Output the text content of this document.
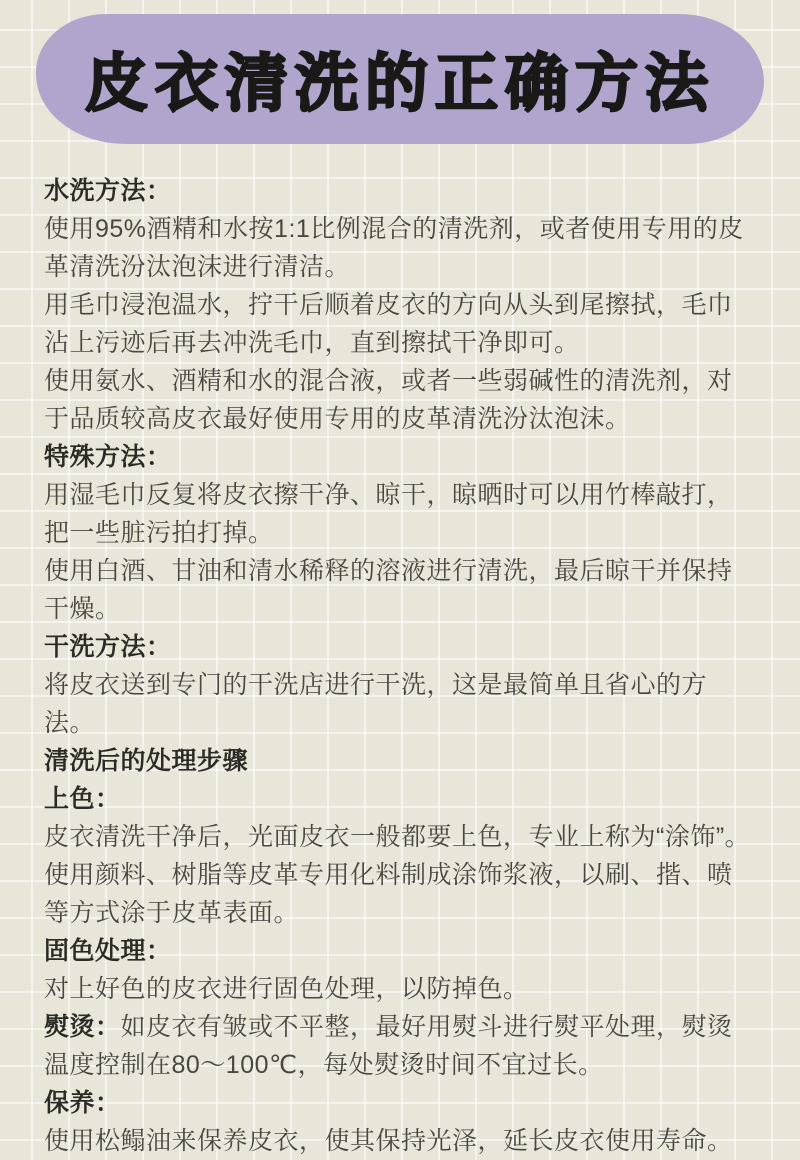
皮衣清洗的正确方法

水洗方法：

使用95%酒精和水按1:1比例混合的清洗剂，或者使用专用的皮革清洗汾汰泡沫进行清洁。

用毛巾浸泡温水，拧干后顺着皮衣的方向从头到尾擦拭，毛巾沾上污迹后再去冲洗毛巾，直到擦拭干净即可。

使用氨水、酒精和水的混合液，或者一些弱碱性的清洗剂，对于品质较高皮衣最好使用专用的皮革清洗汾汰泡沫。

特殊方法：

用湿毛巾反复将皮衣擦干净、晾干，晾晒时可以用竹棒敲打，把一些脏污拍打掉。

使用白酒、甘油和清水稀释的溶液进行清洗，最后晾干并保持干燥。

干洗方法：

将皮衣送到专门的干洗店进行干洗，这是最简单且省心的方法。

清洗后的处理步骤

上色：

皮衣清洗干净后，光面皮衣一般都要上色，专业上称为“涂饰”。使用颜料、树脂等皮革专用化料制成涂饰浆液，以刷、揩、喷等方式涂于皮革表面。

固色处理：

对上好色的皮衣进行固色处理，以防掉色。

熨烫：如皮衣有皱或不平整，最好用熨斗进行熨平处理，熨烫温度控制在80～100℃，每处熨烫时间不宜过长。

保养：

使用松鳎油来保养皮衣，使其保持光泽，延长皮衣使用寿命。
